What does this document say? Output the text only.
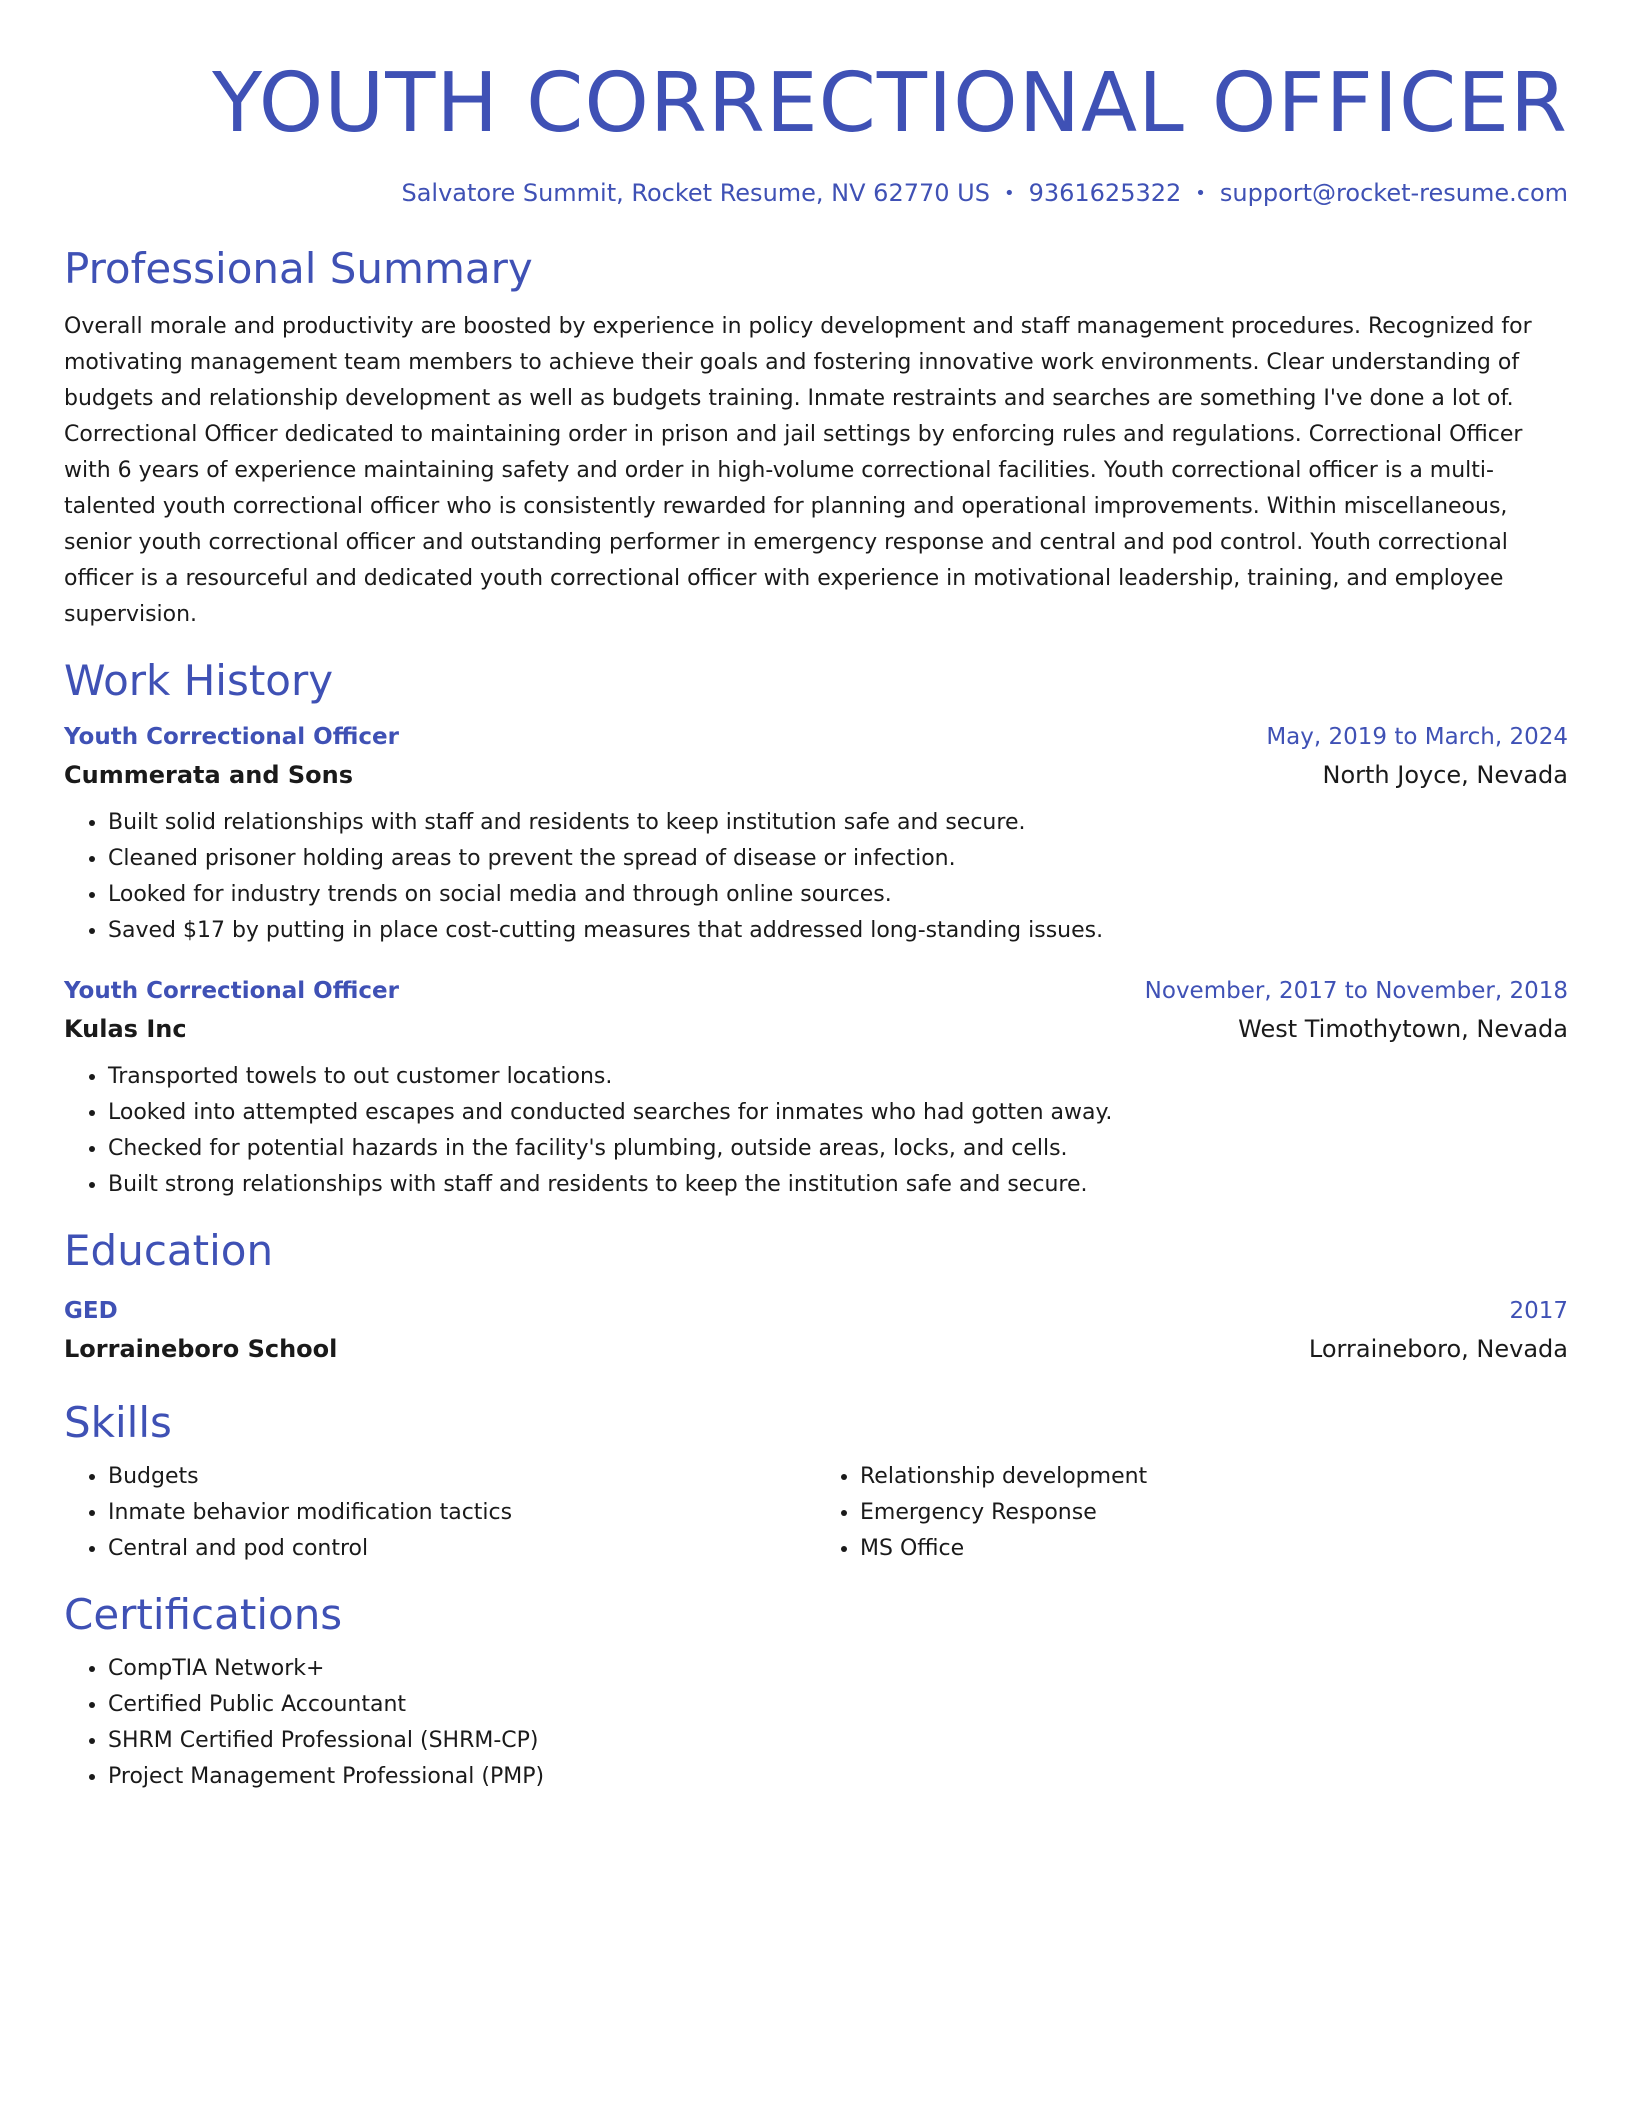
YOUTH CORRECTIONAL OFFICER
Salvatore Summit, Rocket Resume, NV 62770 US • 9361625322 • support@rocket-resume.com
Professional Summary

Overall morale and productivity are boosted by experience in policy development and staff management procedures. Recognized for motivating management team members to achieve their goals and fostering innovative work environments. Clear understanding of budgets and relationship development as well as budgets training. Inmate restraints and searches are something I've done a lot of. Correctional Officer dedicated to maintaining order in prison and jail settings by enforcing rules and regulations. Correctional Officer with 6 years of experience maintaining safety and order in high-volume correctional facilities. Youth correctional officer is a multi-talented youth correctional officer who is consistently rewarded for planning and operational improvements. Within miscellaneous, senior youth correctional officer and outstanding performer in emergency response and central and pod control. Youth correctional officer is a resourceful and dedicated youth correctional officer with experience in motivational leadership, training, and employee supervision.

Work History
Youth Correctional Officer	May, 2019 to March, 2024
Cummerata and Sons	North Joyce, Nevada
• Built solid relationships with staff and residents to keep institution safe and secure.
• Cleaned prisoner holding areas to prevent the spread of disease or infection.
• Looked for industry trends on social media and through online sources.
• Saved $17 by putting in place cost-cutting measures that addressed long-standing issues.
Youth Correctional Officer	November, 2017 to November, 2018
Kulas Inc	West Timothytown, Nevada
• Transported towels to out customer locations.
• Looked into attempted escapes and conducted searches for inmates who had gotten away.
• Checked for potential hazards in the facility's plumbing, outside areas, locks, and cells.
• Built strong relationships with staff and residents to keep the institution safe and secure.
Education
GED	2017
Lorraineboro School	Lorraineboro, Nevada
Skills
• Budgets
• Inmate behavior modification tactics
• Central and pod control
• Relationship development
• Emergency Response
• MS Office
Certifications
• CompTIA Network+
• Certified Public Accountant
• SHRM Certified Professional (SHRM-CP)
• Project Management Professional (PMP)
